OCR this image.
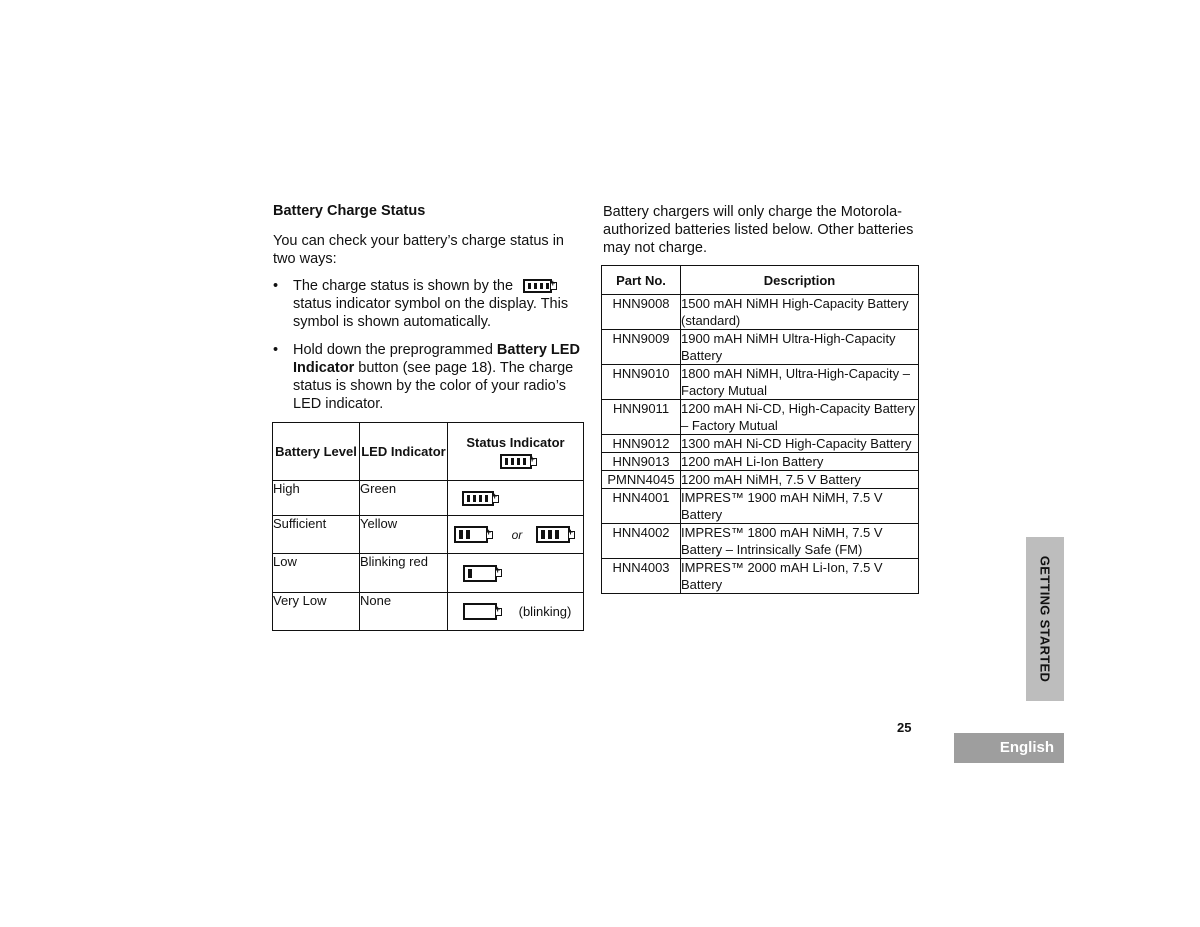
Battery Charge Status
You can check your battery’s charge status in two ways:
• The charge status is shown by the
+
status indicator symbol on the display. This symbol is shown automatically.
• Hold down the preprogrammed Battery LED Indicator button (see page 18). The charge status is shown by the color of your radio’s LED indicator.
Battery Level	LED Indicator	Status Indicator
+

High	Green	
+

Sufficient	Yellow	
+
or
+

Low	Blinking red	
+

Very Low	None	
+
(blinking)
Battery chargers will only charge the Motorola-authorized batteries listed below. Other batteries may not charge.
Part No.	Description
HNN9008	1500 mAH NiMH High-Capacity Battery (standard)
HNN9009	1900 mAH NiMH Ultra-High-Capacity Battery
HNN9010	1800 mAH NiMH, Ultra-High-Capacity – Factory Mutual
HNN9011	1200 mAH Ni-CD, High-Capacity Battery – Factory Mutual
HNN9012	1300 mAH Ni-CD High-Capacity Battery
HNN9013	1200 mAH Li-Ion Battery
PMNN4045	1200 mAH NiMH, 7.5 V Battery
HNN4001	IMPRES™ 1900 mAH NiMH, 7.5 V Battery
HNN4002	IMPRES™ 1800 mAH NiMH, 7.5 V Battery – Intrinsically Safe (FM)
HNN4003	IMPRES™ 2000 mAH Li-Ion, 7.5 V Battery	GETTING STARTED
25
English
